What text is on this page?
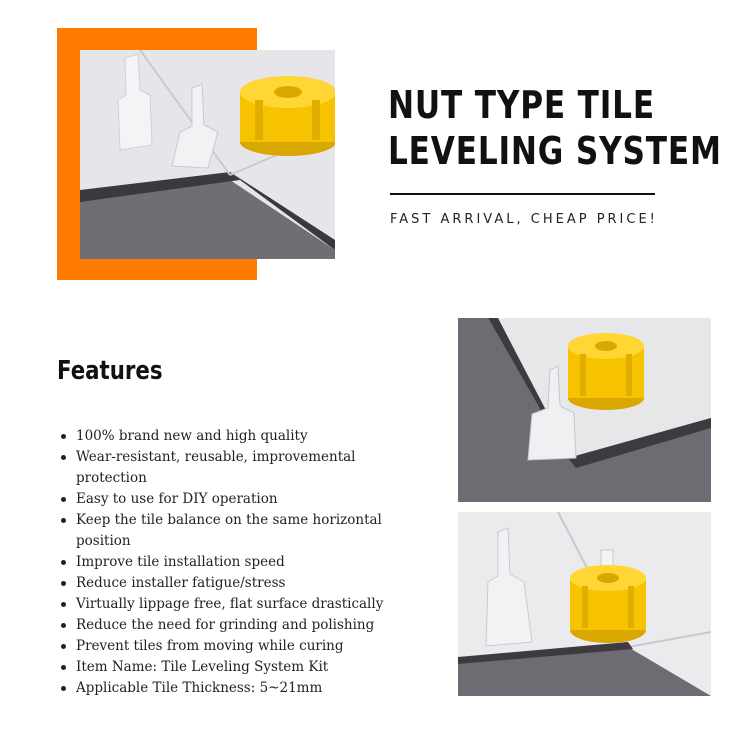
NUT TYPE TILE
LEVELING SYSTEM
FAST ARRIVAL, CHEAP PRICE!
Features
100% brand new and high quality
Wear-resistant, reusable, improvemental protection
Easy to use for DIY operation
Keep the tile balance on the same horizontal position
Improve tile installation speed
Reduce installer fatigue/stress
Virtually lippage free, flat surface drastically
Reduce the need for grinding and polishing
Prevent tiles from moving while curing
Item Name: Tile Leveling System Kit
Applicable Tile Thickness: 5~21mm
